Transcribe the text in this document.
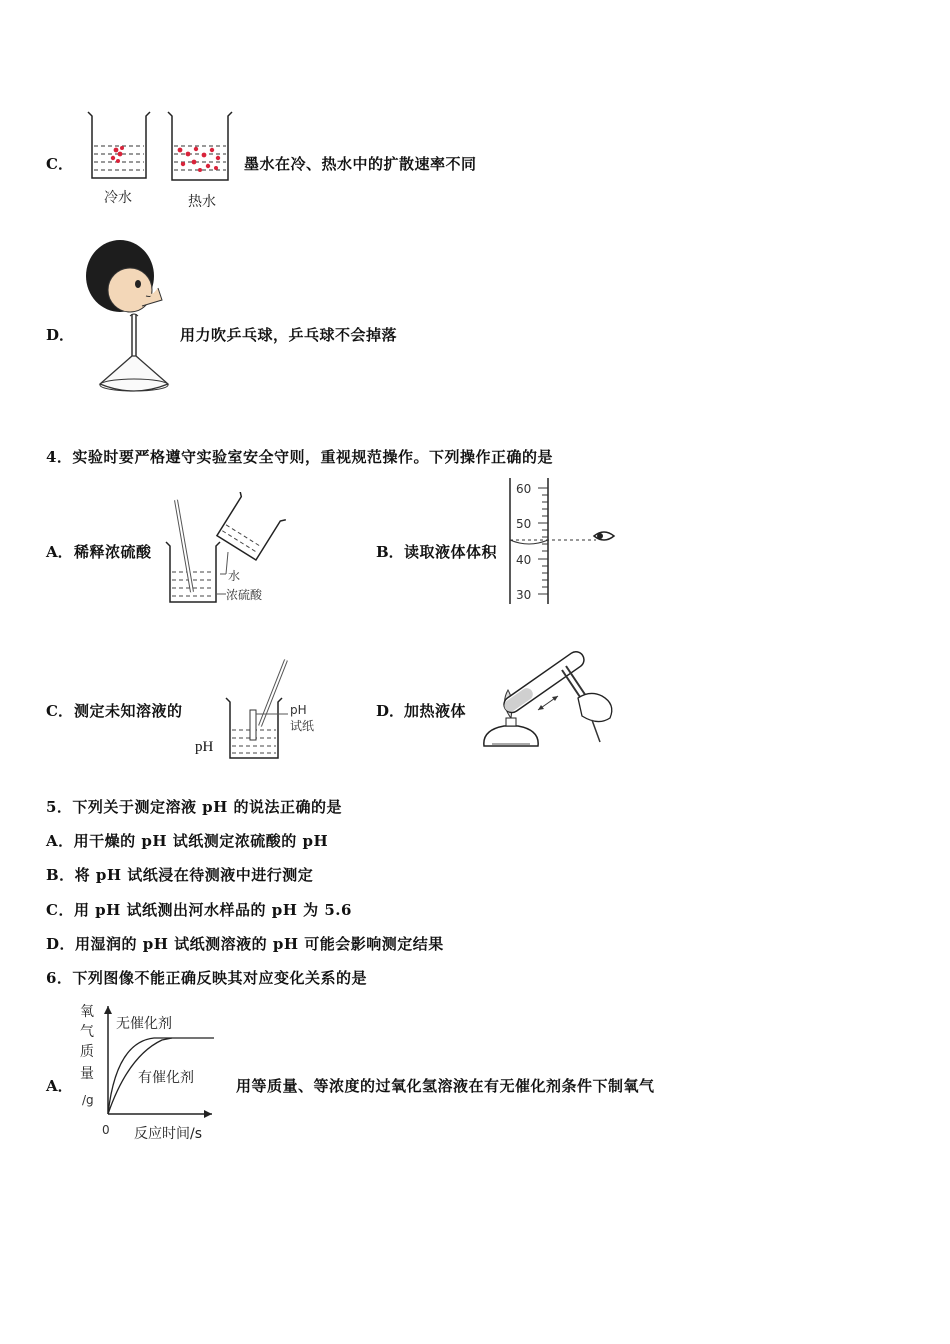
C．
冷水	热水
墨水在冷、热水中的扩散速率不同
D．	用力吹乒乓球，乒乓球不会掉落
4．实验时要严格遵守实验室安全守则，重视规范操作。下列操作正确的是
A． 稀释浓硫酸
水
浓硫酸
B． 读取液体体积
60
50
40
30
C． 测定未知溶液的
pH
pH
试纸
D． 加热液体
5．下列关于测定溶液 pH 的说法正确的是
A．用干燥的 pH 试纸测定浓硫酸的 pH
B．将 pH 试纸浸在待测液中进行测定
C．用 pH 试纸测出河水样品的 pH 为 5.6
D．用湿润的 pH 试纸测溶液的 pH 可能会影响测定结果
6．下列图像不能正确反映其对应变化关系的是
A．
氧
气
质
量
/g
无催化剂
有催化剂
0 反应时间/s
用等质量、等浓度的过氧化氢溶液在有无催化剂条件下制氧气
